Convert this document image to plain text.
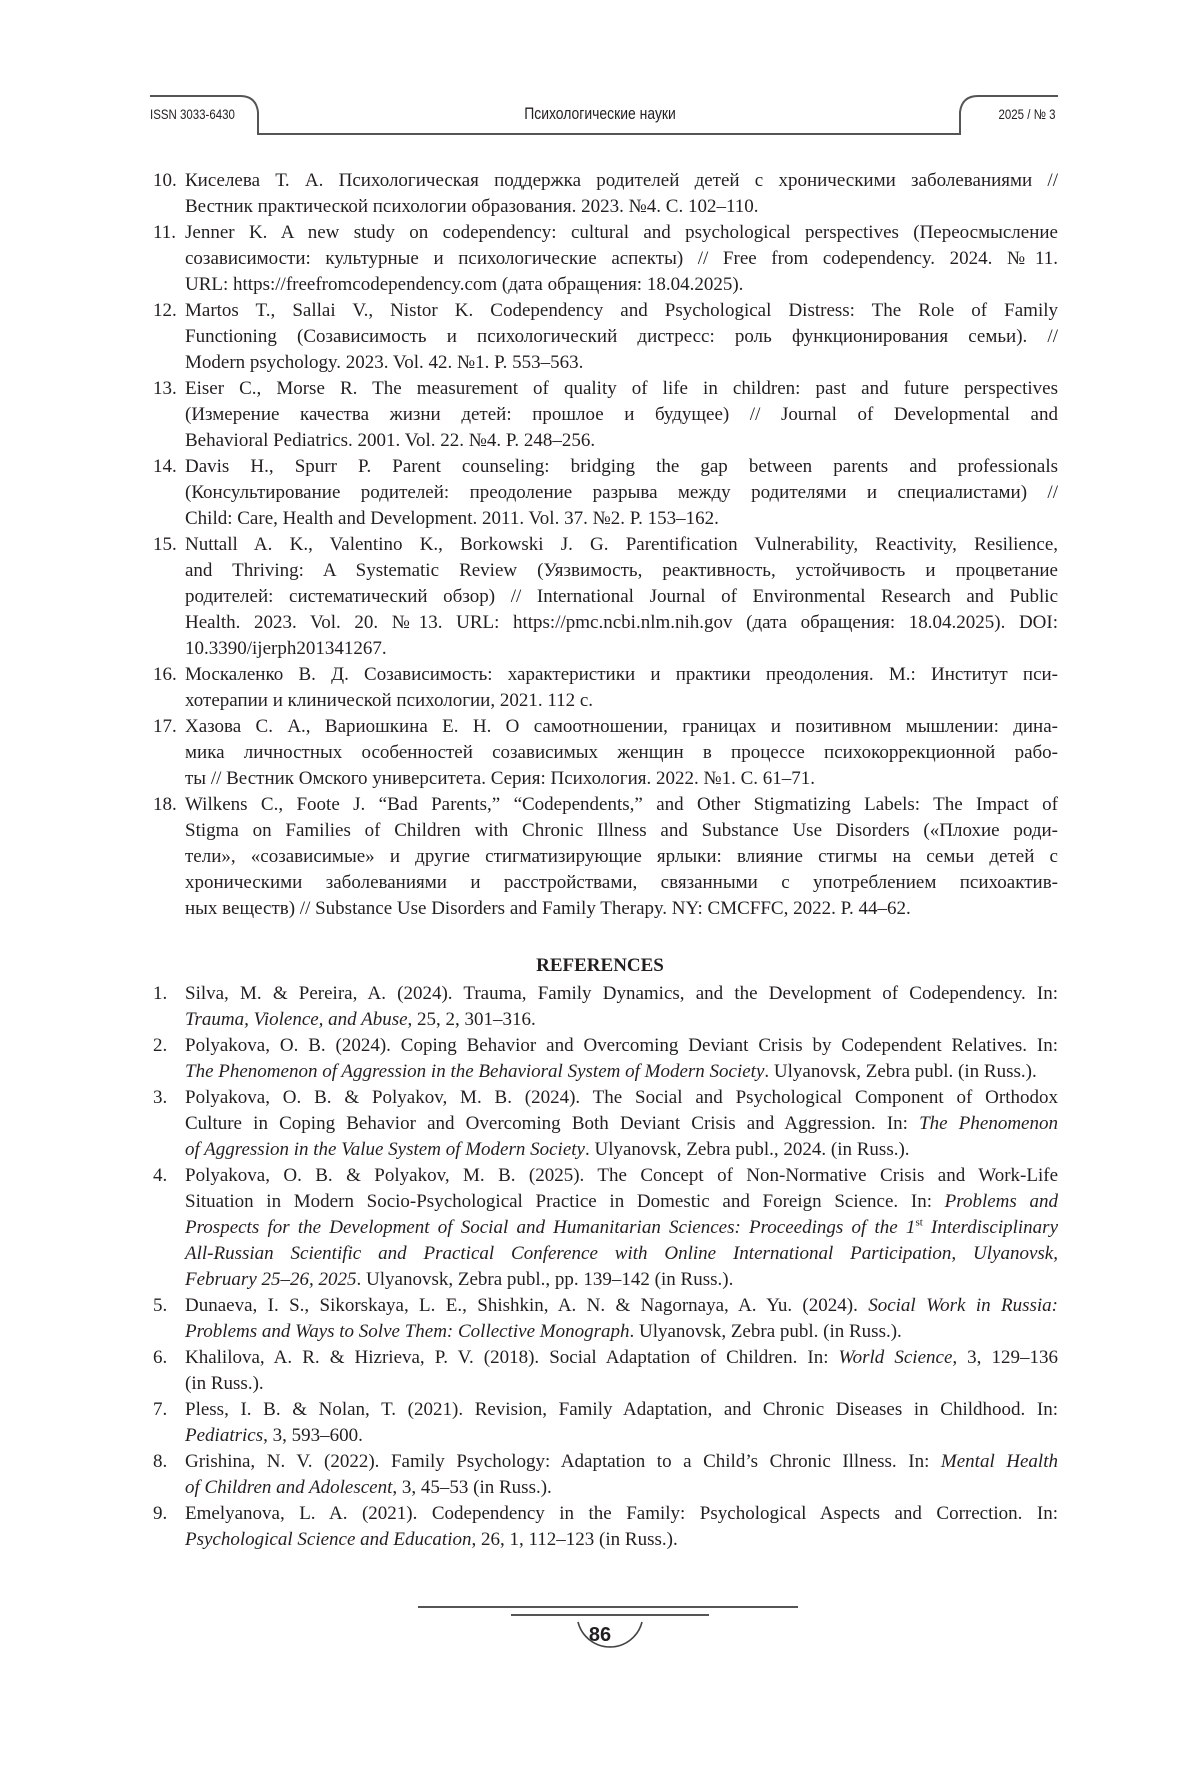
ISSN 3033-6430	Психологические науки	2025 / № 3
10. Киселева Т. А. Психологическая поддержка родителей детей с хроническими заболеваниями //
Вестник практической психологии образования. 2023. №4. С. 102–110.
11. Jenner K. A new study on codependency: cultural and psychological perspectives (Переосмысление
созависимости: культурные и психологические аспекты) // Free from codependency. 2024. №11.
URL: https://freefromcodependency.com (дата обращения: 18.04.2025).
12. Martos T., Sallai V., Nistor K. Codependency and Psychological Distress: The Role of Family
Functioning (Созависимость и психологический дистресс: роль функционирования семьи). //
Modern psychology. 2023. Vol. 42. №1. P. 553–563.
13. Eiser C., Morse R. The measurement of quality of life in children: past and future perspectives
(Измерение качества жизни детей: прошлое и будущее) // Journal of Developmental and
Behavioral Pediatrics. 2001. Vol. 22. №4. P. 248–256.
14. Davis H., Spurr P. Parent counseling: bridging the gap between parents and professionals
(Консультирование родителей: преодоление разрыва между родителями и специалистами) //
Child: Care, Health and Development. 2011. Vol. 37. №2. P. 153–162.
15. Nuttall A. K., Valentino K., Borkowski J. G. Parentification Vulnerability, Reactivity, Resilience,
and Thriving: A Systematic Review (Уязвимость, реактивность, устойчивость и процветание
родителей: систематический обзор) // International Journal of Environmental Research and Public
Health. 2023. Vol. 20. №13. URL: https://pmc.ncbi.nlm.nih.gov (дата обращения: 18.04.2025). DOI:
10.3390/ijerph201341267.
16. Москаленко В. Д. Созависимость: характеристики и практики преодоления. М.: Институт пси-
хотерапии и клинической психологии, 2021. 112 с.
17. Хазова С. А., Вариошкина Е. Н. О самоотношении, границах и позитивном мышлении: дина-
мика личностных особенностей созависимых женщин в процессе психокоррекционной рабо-
ты // Вестник Омского университета. Серия: Психология. 2022. №1. С. 61–71.
18. Wilkens C., Foote J. “Bad Parents,” “Codependents,” and Other Stigmatizing Labels: The Impact of
Stigma on Families of Children with Chronic Illness and Substance Use Disorders («Плохие роди-
тели», «созависимые» и другие стигматизирующие ярлыки: влияние стигмы на семьи детей с
хроническими заболеваниями и расстройствами, связанными с употреблением психоактив-
ных веществ) // Substance Use Disorders and Family Therapy. NY: CMCFFC, 2022. P. 44–62.
REFERENCES
1. Silva, M. & Pereira, A. (2024). Trauma, Family Dynamics, and the Development of Codependency. In:
Trauma, Violence, and Abuse, 25, 2, 301–316.
2. Polyakova, O. B. (2024). Coping Behavior and Overcoming Deviant Crisis by Codependent Relatives. In:
The Phenomenon of Aggression in the Behavioral System of Modern Society. Ulyanovsk, Zebra publ. (in Russ.).
3. Polyakova, O. B. & Polyakov, M. B. (2024). The Social and Psychological Component of Orthodox
Culture in Coping Behavior and Overcoming Both Deviant Crisis and Aggression. In: The Phenomenon
of Aggression in the Value System of Modern Society. Ulyanovsk, Zebra publ., 2024. (in Russ.).
4. Polyakova, O. B. & Polyakov, M. B. (2025). The Concept of Non-Normative Crisis and Work-Life
Situation in Modern Socio-Psychological Practice in Domestic and Foreign Science. In: Problems and
Prospects for the Development of Social and Humanitarian Sciences: Proceedings of the 1st Interdisciplinary
All-Russian Scientific and Practical Conference with Online International Participation, Ulyanovsk,
February 25–26, 2025. Ulyanovsk, Zebra publ., pp. 139–142 (in Russ.).
5. Dunaeva, I. S., Sikorskaya, L. E., Shishkin, A. N. & Nagornaya, A. Yu. (2024). Social Work in Russia:
Problems and Ways to Solve Them: Collective Monograph. Ulyanovsk, Zebra publ. (in Russ.).
6. Khalilova, A. R. & Hizrieva, P. V. (2018). Social Adaptation of Children. In: World Science, 3, 129–136
(in Russ.).
7. Pless, I. B. & Nolan, T. (2021). Revision, Family Adaptation, and Chronic Diseases in Childhood. In:
Pediatrics, 3, 593–600.
8. Grishina, N. V. (2022). Family Psychology: Adaptation to a Child’s Chronic Illness. In: Mental Health
of Children and Adolescent, 3, 45–53 (in Russ.).
9. Emelyanova, L. A. (2021). Codependency in the Family: Psychological Aspects and Correction. In:
Psychological Science and Education, 26, 1, 112–123 (in Russ.).
86
